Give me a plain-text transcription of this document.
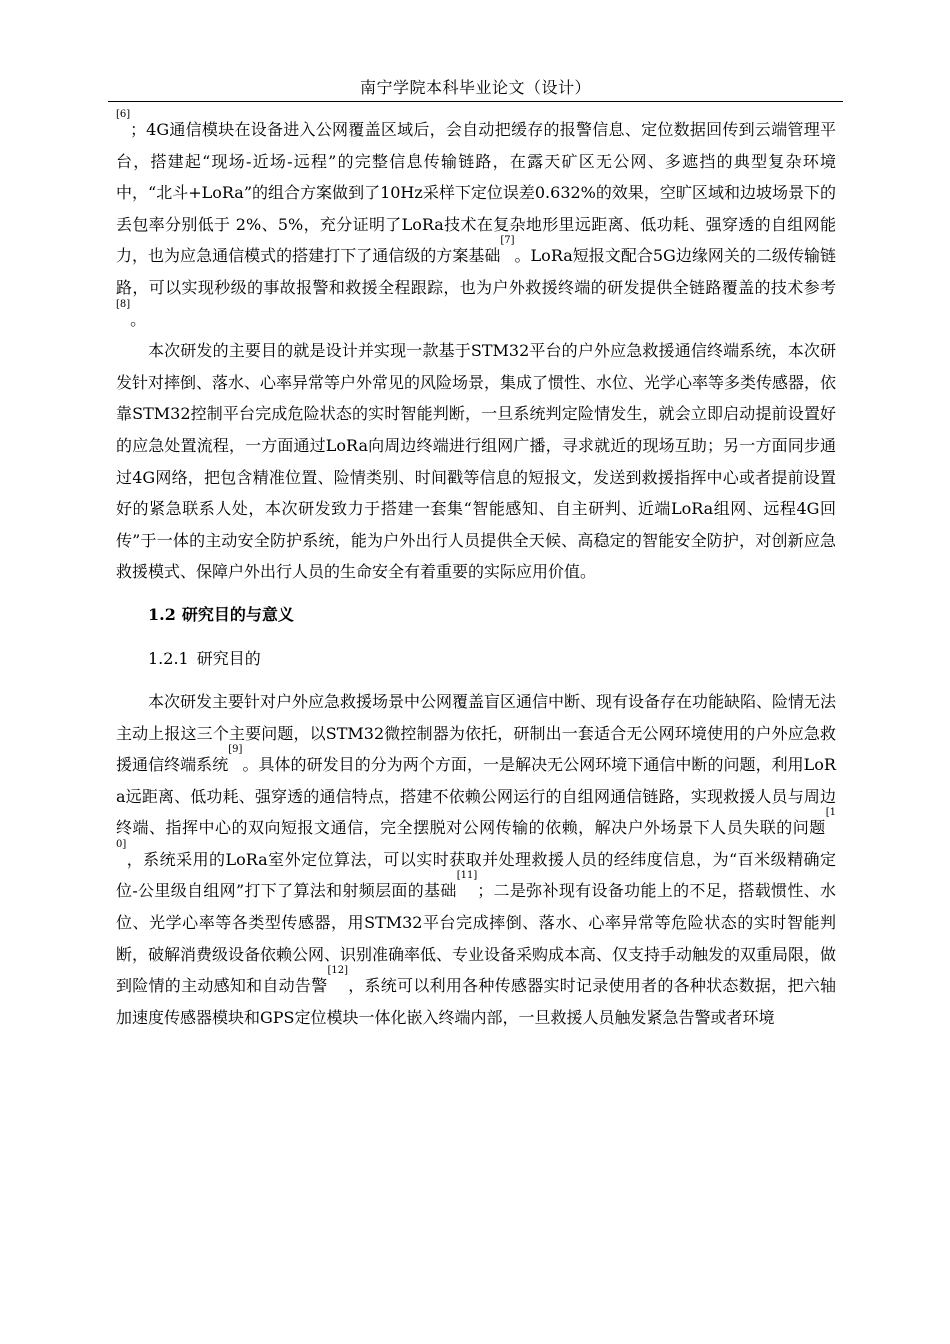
南宁学院本科毕业论文（设计）

[6]；4G通信模块在设备进入公网覆盖区域后，会自动把缓存的报警信息、定位数据回传到云端管理平台，搭建起“现场-近场-远程”的完整信息传输链路，在露天矿区无公网、多遮挡的典型复杂环境中，“北斗+LoRa”的组合方案做到了10Hz采样下定位误差0.632%的效果，空旷区域和边坡场景下的丢包率分别低于 2%、5%，充分证明了LoRa技术在复杂地形里远距离、低功耗、强穿透的自组网能力，也为应急通信模式的搭建打下了通信级的方案基础[7]。LoRa短报文配合5G边缘网关的二级传输链路，可以实现秒级的事故报警和救援全程跟踪，也为户外救援终端的研发提供全链路覆盖的技术参考[8]。

本次研发的主要目的就是设计并实现一款基于STM32平台的户外应急救援通信终端系统，本次研发针对摔倒、落水、心率异常等户外常见的风险场景，集成了惯性、水位、光学心率等多类传感器，依靠STM32控制平台完成危险状态的实时智能判断，一旦系统判定险情发生，就会立即启动提前设置好的应急处置流程，一方面通过LoRa向周边终端进行组网广播，寻求就近的现场互助；另一方面同步通过4G网络，把包含精准位置、险情类别、时间戳等信息的短报文，发送到救援指挥中心或者提前设置好的紧急联系人处，本次研发致力于搭建一套集“智能感知、自主研判、近端LoRa组网、远程4G回传”于一体的主动安全防护系统，能为户外出行人员提供全天候、高稳定的智能安全防护，对创新应急救援模式、保障户外出行人员的生命安全有着重要的实际应用价值。

1.2 研究目的与意义
1.2.1 研究目的

本次研发主要针对户外应急救援场景中公网覆盖盲区通信中断、现有设备存在功能缺陷、险情无法主动上报这三个主要问题，以STM32微控制器为依托，研制出一套适合无公网环境使用的户外应急救援通信终端系统[9]。具体的研发目的分为两个方面，一是解决无公网环境下通信中断的问题，利用LoRa远距离、低功耗、强穿透的通信特点，搭建不依赖公网运行的自组网通信链路，实现救援人员与周边终端、指挥中心的双向短报文通信，完全摆脱对公网传输的依赖，解决户外场景下人员失联的问题[10]，系统采用的LoRa室外定位算法，可以实时获取并处理救援人员的经纬度信息，为“百米级精确定位-公里级自组网”打下了算法和射频层面的基础[11]；二是弥补现有设备功能上的不足，搭载惯性、水位、光学心率等各类型传感器，用STM32平台完成摔倒、落水、心率异常等危险状态的实时智能判断，破解消费级设备依赖公网、识别准确率低、专业设备采购成本高、仅支持手动触发的双重局限，做到险情的主动感知和自动告警[12]，系统可以利用各种传感器实时记录使用者的各种状态数据，把六轴加速度传感器模块和GPS定位模块一体化嵌入终端内部，一旦救援人员触发紧急告警或者环境
